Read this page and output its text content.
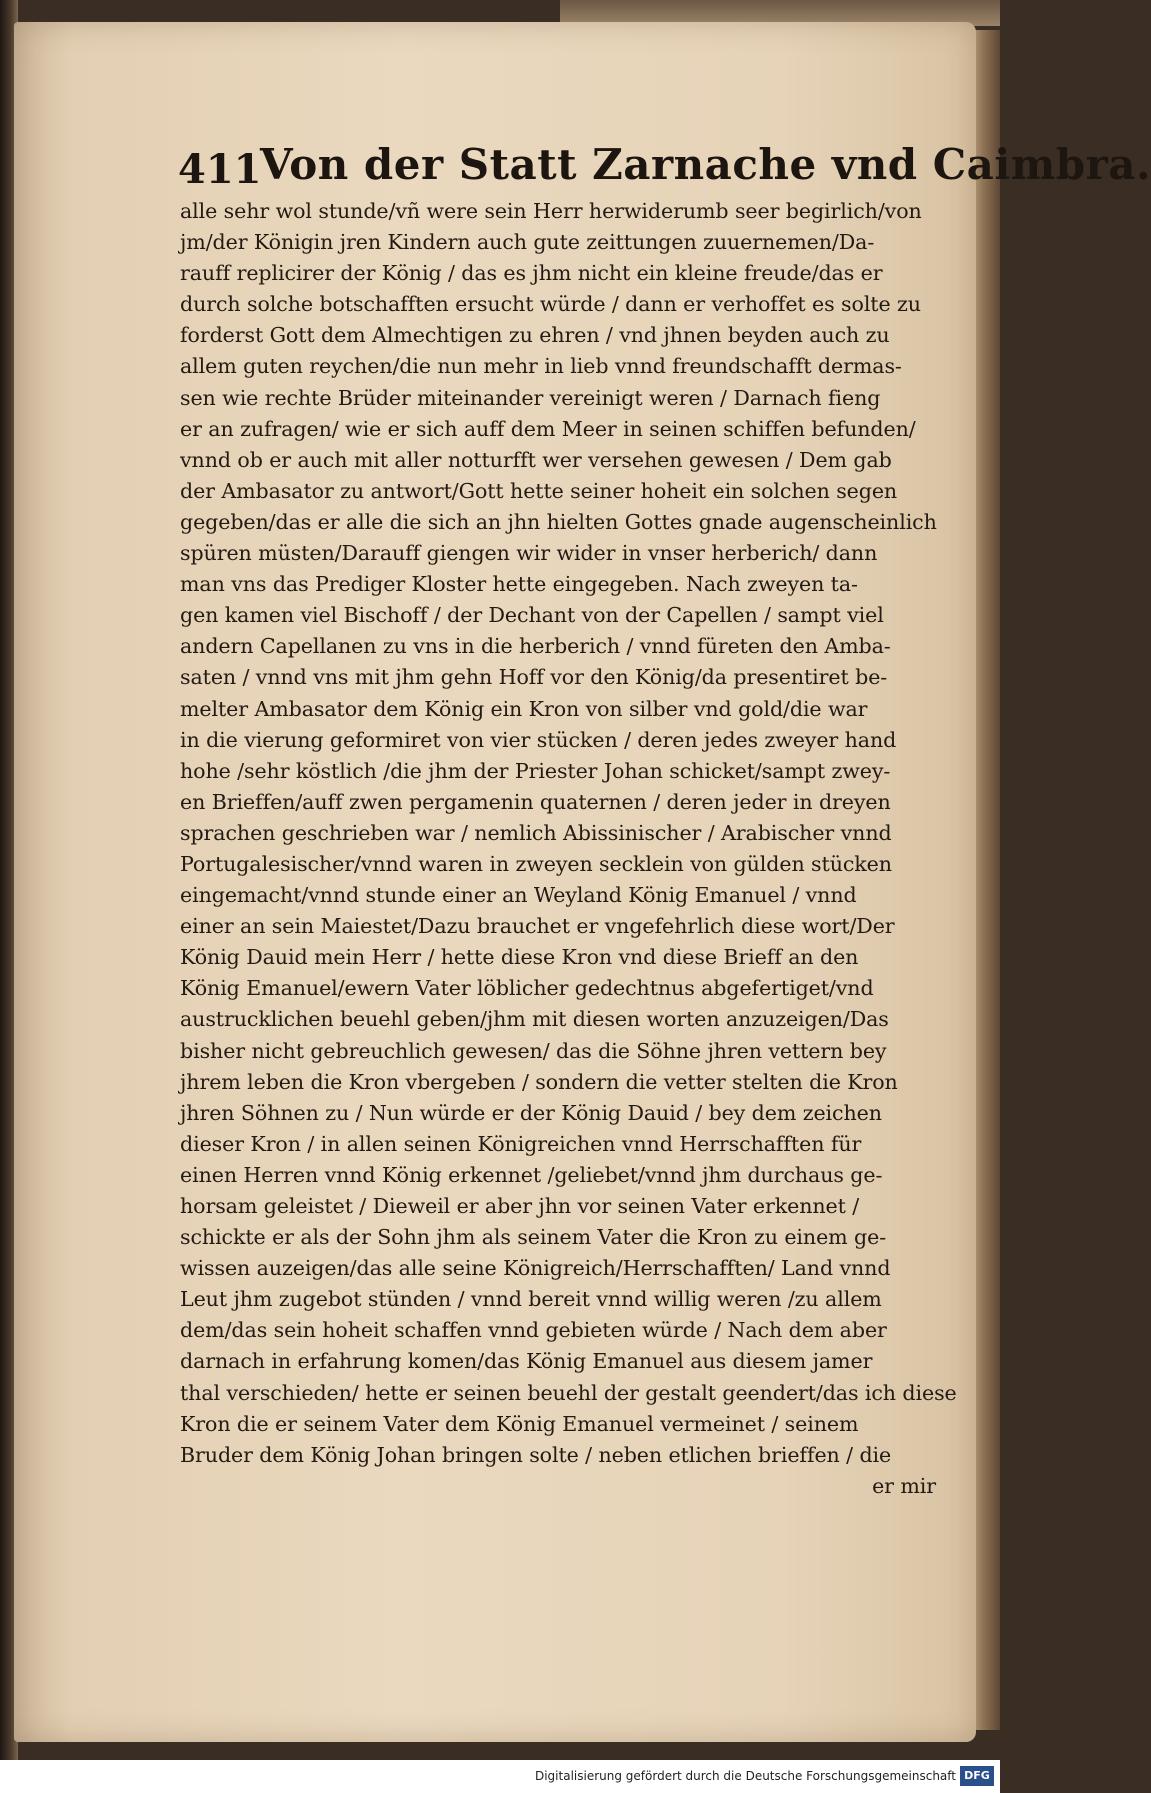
411
Von der Statt Zarnache vnd Caimbra.
alle sehr wol stunde/vñ were sein Herr herwiderumb seer begirlich/von
jm/der Königin jren Kindern auch gute zeittungen zuuernemen/Da-
rauff replicirer der König / das es jhm nicht ein kleine freude/das er
durch solche botschafften ersucht würde / dann er verhoffet es solte zu
forderst Gott dem Almechtigen zu ehren / vnd jhnen beyden auch zu
allem guten reychen/die nun mehr in lieb vnnd freundschafft dermas-
sen wie rechte Brüder miteinander vereinigt weren / Darnach fieng
er an zufragen/ wie er sich auff dem Meer in seinen schiffen befunden/
vnnd ob er auch mit aller notturfft wer versehen gewesen / Dem gab
der Ambasator zu antwort/Gott hette seiner hoheit ein solchen segen
gegeben/das er alle die sich an jhn hielten Gottes gnade augenscheinlich
spüren müsten/Darauff giengen wir wider in vnser herberich/ dann
man vns das Prediger Kloster hette eingegeben. Nach zweyen ta-
gen kamen viel Bischoff / der Dechant von der Capellen / sampt viel
andern Capellanen zu vns in die herberich / vnnd füreten den Amba-
saten / vnnd vns mit jhm gehn Hoff vor den König/da presentiret be-
melter Ambasator dem König ein Kron von silber vnd gold/die war
in die vierung geformiret von vier stücken / deren jedes zweyer hand
hohe /sehr köstlich /die jhm der Priester Johan schicket/sampt zwey-
en Brieffen/auff zwen pergamenin quaternen / deren jeder in dreyen
sprachen geschrieben war / nemlich Abissinischer / Arabischer vnnd
Portugalesischer/vnnd waren in zweyen secklein von gülden stücken
eingemacht/vnnd stunde einer an Weyland König Emanuel / vnnd
einer an sein Maiestet/Dazu brauchet er vngefehrlich diese wort/Der
König Dauid mein Herr / hette diese Kron vnd diese Brieff an den
König Emanuel/ewern Vater löblicher gedechtnus abgefertiget/vnd
austrucklichen beuehl geben/jhm mit diesen worten anzuzeigen/Das
bisher nicht gebreuchlich gewesen/ das die Söhne jhren vettern bey
jhrem leben die Kron vbergeben / sondern die vetter stelten die Kron
jhren Söhnen zu / Nun würde er der König Dauid / bey dem zeichen
dieser Kron / in allen seinen Königreichen vnnd Herrschafften für
einen Herren vnnd König erkennet /geliebet/vnnd jhm durchaus ge-
horsam geleistet / Dieweil er aber jhn vor seinen Vater erkennet /
schickte er als der Sohn jhm als seinem Vater die Kron zu einem ge-
wissen auzeigen/das alle seine Königreich/Herrschafften/ Land vnnd
Leut jhm zugebot stünden / vnnd bereit vnnd willig weren /zu allem
dem/das sein hoheit schaffen vnnd gebieten würde / Nach dem aber
darnach in erfahrung komen/das König Emanuel aus diesem jamer
thal verschieden/ hette er seinen beuehl der gestalt geendert/das ich diese
Kron die er seinem Vater dem König Emanuel vermeinet / seinem
Bruder dem König Johan bringen solte / neben etlichen brieffen / die
er mir
Digitalisierung gefördert durch die Deutsche Forschungsgemeinschaft DFG
